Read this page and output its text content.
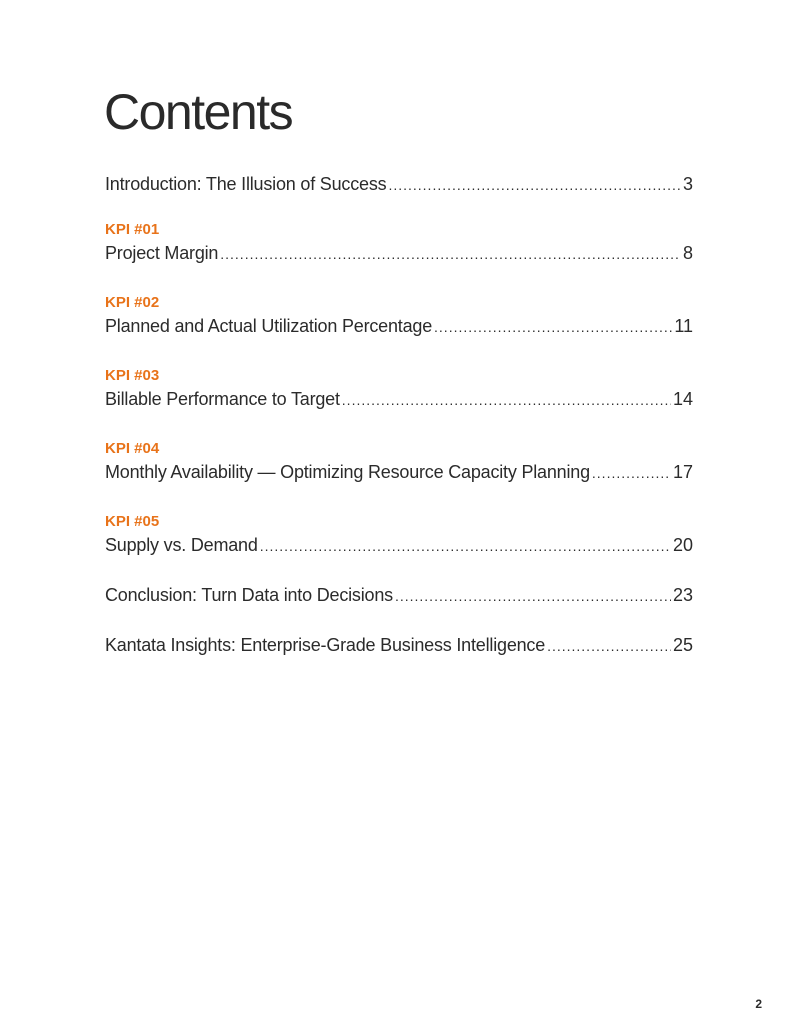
Contents
Introduction: The Illusion of Success .....	3
KPI #01
Project Margin .....	8
KPI #02
Planned and Actual Utilization Percentage .....	11
KPI #03
Billable Performance to Target .....	14
KPI #04
Monthly Availability — Optimizing Resource Capacity Planning .....	17
KPI #05
Supply vs. Demand .....	20
Conclusion: Turn Data into Decisions .....	23
Kantata Insights: Enterprise-Grade Business Intelligence .....	25
2
